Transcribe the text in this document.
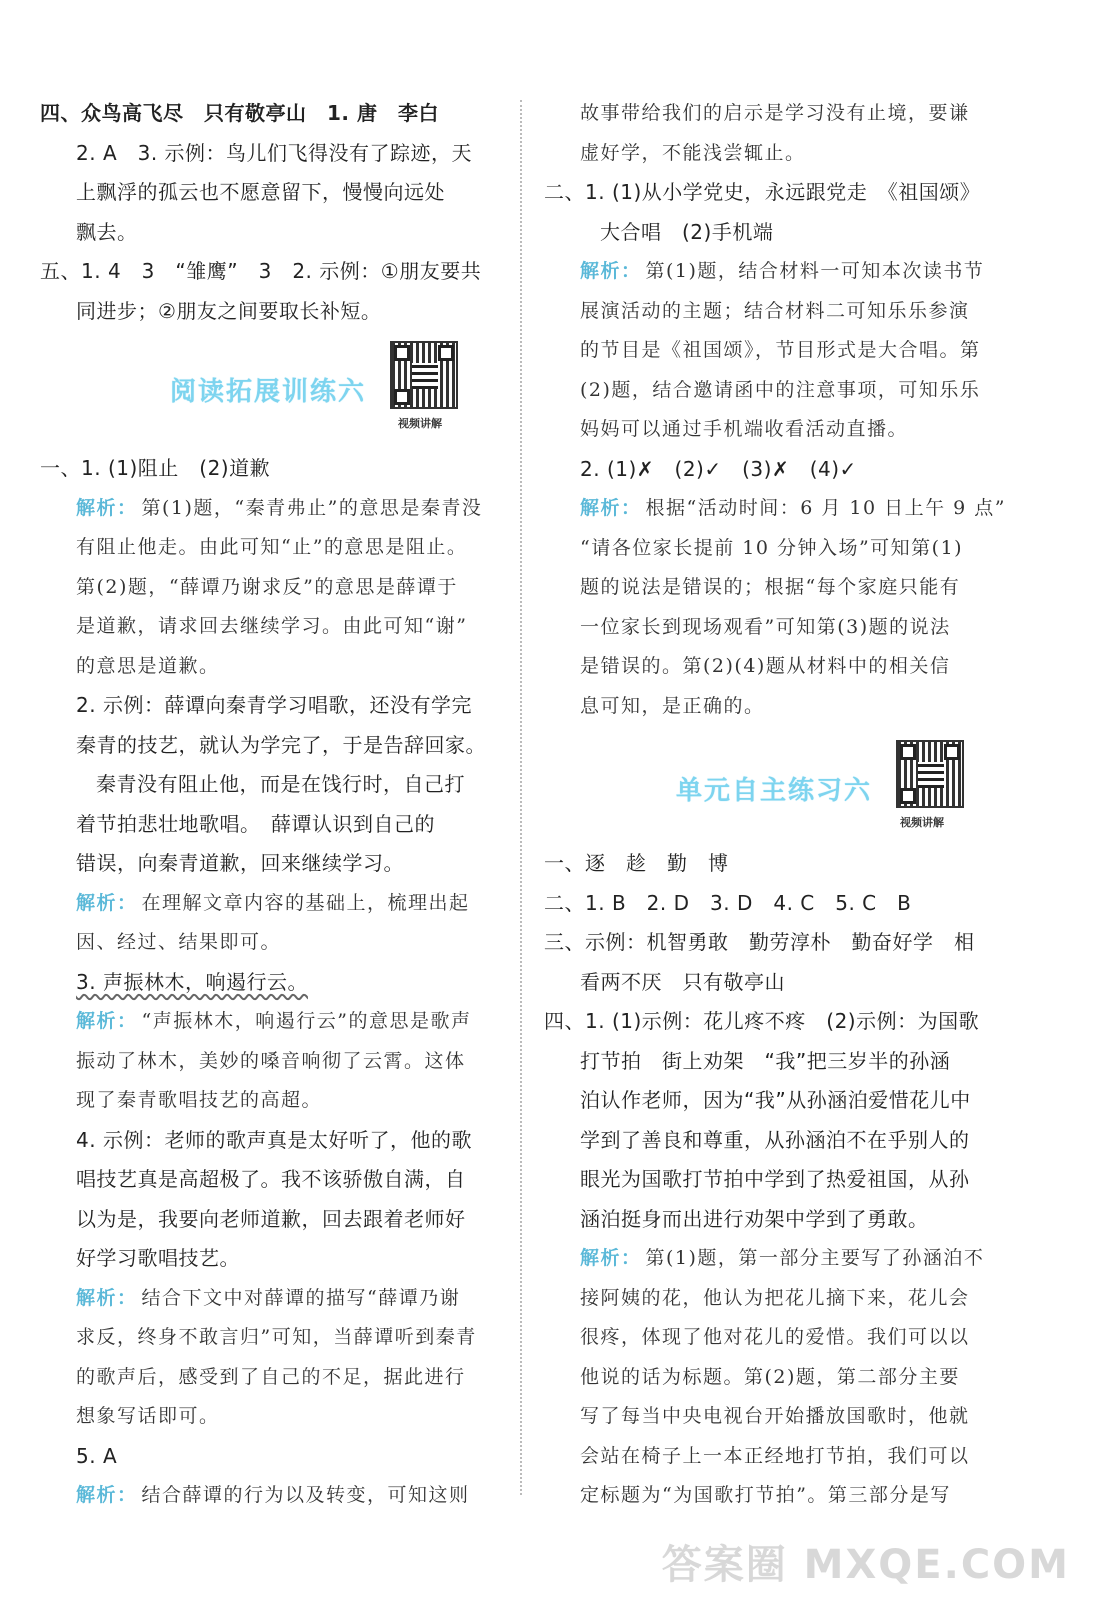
四、众鸟高飞尽　只有敬亭山　1. 唐　李白
2. A　3. 示例：鸟儿们飞得没有了踪迹，天
上飘浮的孤云也不愿意留下，慢慢向远处
飘去。
五、1. 4　3　“雏鹰”　3　2. 示例：①朋友要共
同进步；②朋友之间要取长补短。
阅读拓展训练六
视频讲解
一、1. (1)阻止　(2)道歉
解析： 第(1)题，“秦青弗止”的意思是秦青没
有阻止他走。由此可知“止”的意思是阻止。
第(2)题，“薛谭乃谢求反”的意思是薛谭于
是道歉，请求回去继续学习。由此可知“谢”
的意思是道歉。
2. 示例：薛谭向秦青学习唱歌，还没有学完
秦青的技艺，就认为学完了，于是告辞回家。
秦青没有阻止他，而是在饯行时，自己打
着节拍悲壮地歌唱。　薛谭认识到自己的
错误，向秦青道歉，回来继续学习。
解析： 在理解文章内容的基础上，梳理出起
因、经过、结果即可。
3. 声振林木，响遏行云。
解析： “声振林木，响遏行云”的意思是歌声
振动了林木，美妙的嗓音响彻了云霄。这体
现了秦青歌唱技艺的高超。
4. 示例：老师的歌声真是太好听了，他的歌
唱技艺真是高超极了。我不该骄傲自满，自
以为是，我要向老师道歉，回去跟着老师好
好学习歌唱技艺。
解析： 结合下文中对薛谭的描写“薛谭乃谢
求反，终身不敢言归”可知，当薛谭听到秦青
的歌声后，感受到了自己的不足，据此进行
想象写话即可。
5. A
解析： 结合薛谭的行为以及转变，可知这则
故事带给我们的启示是学习没有止境，要谦
虚好学，不能浅尝辄止。
二、1. (1)从小学党史，永远跟党走　《祖国颂》
大合唱　(2)手机端
解析： 第(1)题，结合材料一可知本次读书节
展演活动的主题；结合材料二可知乐乐参演
的节目是《祖国颂》，节目形式是大合唱。第
(2)题，结合邀请函中的注意事项，可知乐乐
妈妈可以通过手机端收看活动直播。
2. (1)✗　(2)✓　(3)✗　(4)✓
解析： 根据“活动时间：6 月 10 日上午 9 点”
“请各位家长提前 10 分钟入场”可知第(1)
题的说法是错误的；根据“每个家庭只能有
一位家长到现场观看”可知第(3)题的说法
是错误的。第(2)(4)题从材料中的相关信
息可知，是正确的。
单元自主练习六
视频讲解
一、逐　趁　勤　博
二、1. B　2. D　3. D　4. C　5. C　B
三、示例：机智勇敢　勤劳淳朴　勤奋好学　相
看两不厌　只有敬亭山
四、1. (1)示例：花儿疼不疼　(2)示例：为国歌
打节拍　街上劝架　“我”把三岁半的孙涵
泊认作老师，因为“我”从孙涵泊爱惜花儿中
学到了善良和尊重，从孙涵泊不在乎别人的
眼光为国歌打节拍中学到了热爱祖国，从孙
涵泊挺身而出进行劝架中学到了勇敢。
解析： 第(1)题，第一部分主要写了孙涵泊不
接阿姨的花，他认为把花儿摘下来，花儿会
很疼，体现了他对花儿的爱惜。我们可以以
他说的话为标题。第(2)题，第二部分主要
写了每当中央电视台开始播放国歌时，他就
会站在椅子上一本正经地打节拍，我们可以
定标题为“为国歌打节拍”。第三部分是写
答案圈 MXQE.COM
